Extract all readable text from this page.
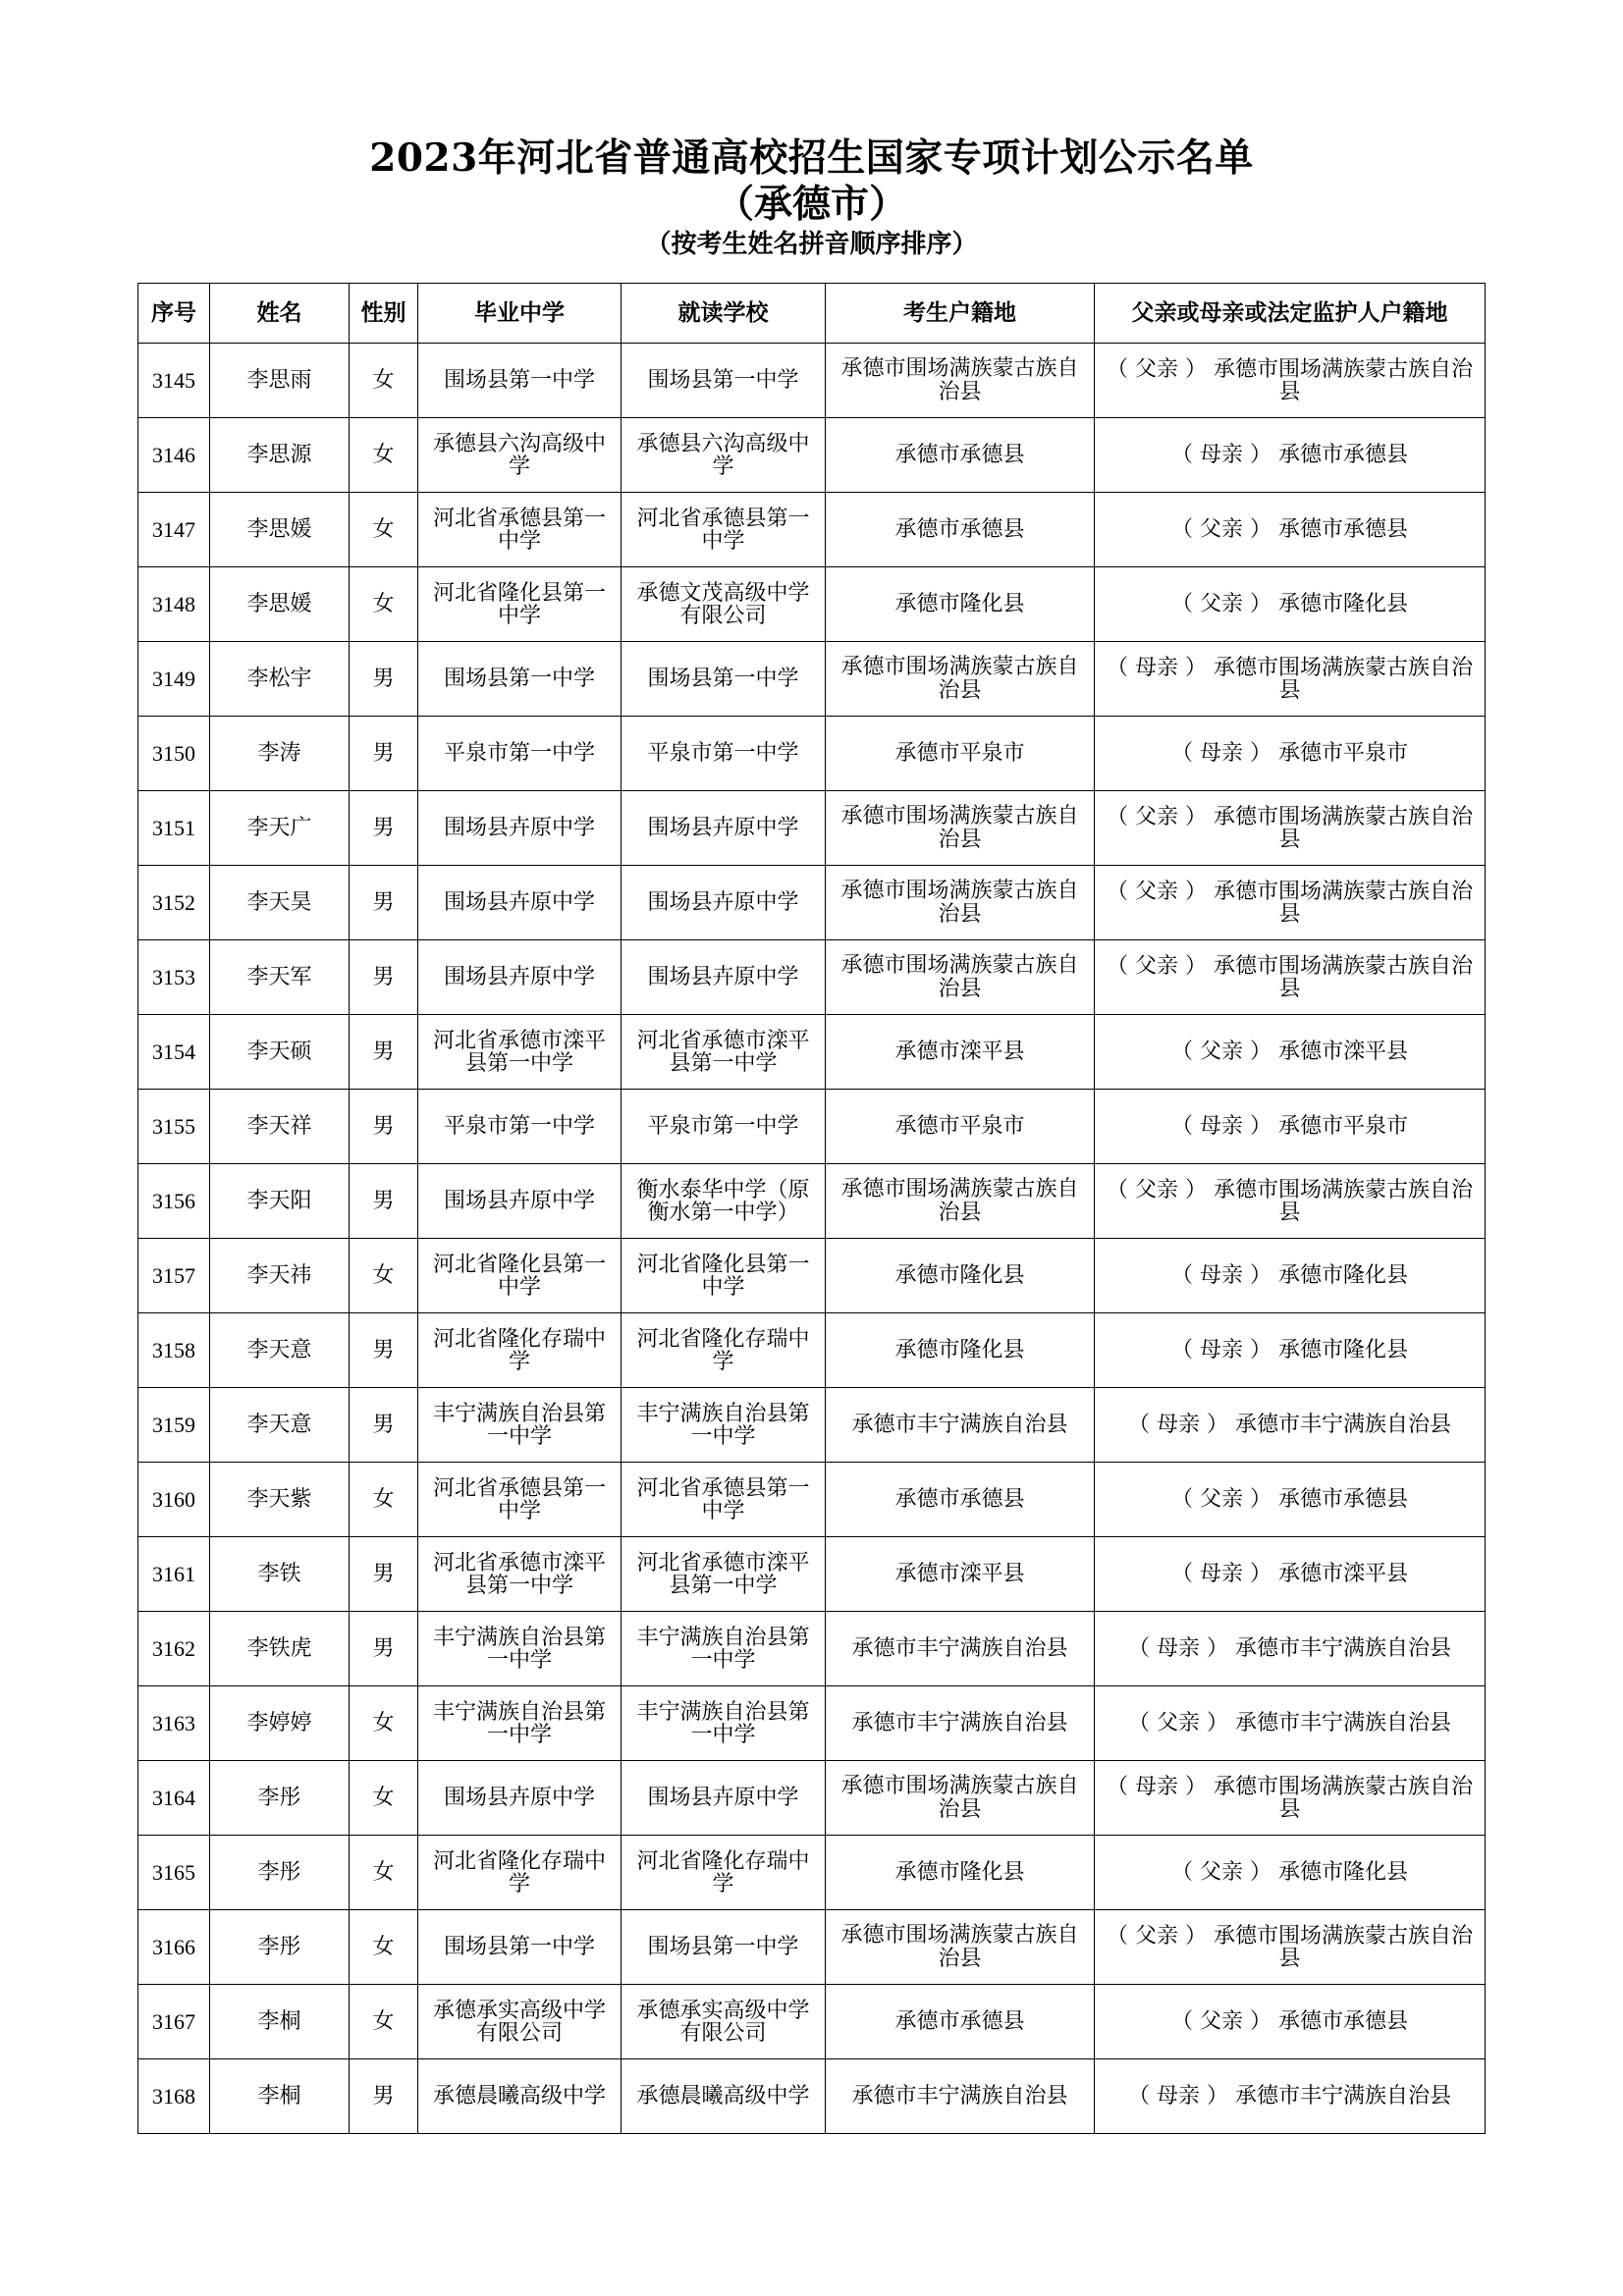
2023年河北省普通高校招生国家专项计划公示名单
（承德市）
（按考生姓名拼音顺序排序）
序号	姓名	性别	毕业中学	就读学校	考生户籍地	父亲或母亲或法定监护人户籍地
3145	李思雨	女	围场县第一中学	围场县第一中学	承德市围场满族蒙古族自治县	（ 父亲 ） 承德市围场满族蒙古族自治县
3146	李思源	女	承德县六沟高级中学	承德县六沟高级中学	承德市承德县	（ 母亲 ） 承德市承德县
3147	李思媛	女	河北省承德县第一中学	河北省承德县第一中学	承德市承德县	（ 父亲 ） 承德市承德县
3148	李思媛	女	河北省隆化县第一中学	承德文茂高级中学有限公司	承德市隆化县	（ 父亲 ） 承德市隆化县
3149	李松宇	男	围场县第一中学	围场县第一中学	承德市围场满族蒙古族自治县	（ 母亲 ） 承德市围场满族蒙古族自治县
3150	李涛	男	平泉市第一中学	平泉市第一中学	承德市平泉市	（ 母亲 ） 承德市平泉市
3151	李天广	男	围场县卉原中学	围场县卉原中学	承德市围场满族蒙古族自治县	（ 父亲 ） 承德市围场满族蒙古族自治县
3152	李天昊	男	围场县卉原中学	围场县卉原中学	承德市围场满族蒙古族自治县	（ 父亲 ） 承德市围场满族蒙古族自治县
3153	李天军	男	围场县卉原中学	围场县卉原中学	承德市围场满族蒙古族自治县	（ 父亲 ） 承德市围场满族蒙古族自治县
3154	李天硕	男	河北省承德市滦平县第一中学	河北省承德市滦平县第一中学	承德市滦平县	（ 父亲 ） 承德市滦平县
3155	李天祥	男	平泉市第一中学	平泉市第一中学	承德市平泉市	（ 母亲 ） 承德市平泉市
3156	李天阳	男	围场县卉原中学	衡水泰华中学（原衡水第一中学）	承德市围场满族蒙古族自治县	（ 父亲 ） 承德市围场满族蒙古族自治县
3157	李天祎	女	河北省隆化县第一中学	河北省隆化县第一中学	承德市隆化县	（ 母亲 ） 承德市隆化县
3158	李天意	男	河北省隆化存瑞中学	河北省隆化存瑞中学	承德市隆化县	（ 母亲 ） 承德市隆化县
3159	李天意	男	丰宁满族自治县第一中学	丰宁满族自治县第一中学	承德市丰宁满族自治县	（ 母亲 ） 承德市丰宁满族自治县
3160	李天紫	女	河北省承德县第一中学	河北省承德县第一中学	承德市承德县	（ 父亲 ） 承德市承德县
3161	李铁	男	河北省承德市滦平县第一中学	河北省承德市滦平县第一中学	承德市滦平县	（ 母亲 ） 承德市滦平县
3162	李铁虎	男	丰宁满族自治县第一中学	丰宁满族自治县第一中学	承德市丰宁满族自治县	（ 母亲 ） 承德市丰宁满族自治县
3163	李婷婷	女	丰宁满族自治县第一中学	丰宁满族自治县第一中学	承德市丰宁满族自治县	（ 父亲 ） 承德市丰宁满族自治县
3164	李彤	女	围场县卉原中学	围场县卉原中学	承德市围场满族蒙古族自治县	（ 母亲 ） 承德市围场满族蒙古族自治县
3165	李彤	女	河北省隆化存瑞中学	河北省隆化存瑞中学	承德市隆化县	（ 父亲 ） 承德市隆化县
3166	李彤	女	围场县第一中学	围场县第一中学	承德市围场满族蒙古族自治县	（ 父亲 ） 承德市围场满族蒙古族自治县
3167	李桐	女	承德承实高级中学有限公司	承德承实高级中学有限公司	承德市承德县	（ 父亲 ） 承德市承德县
3168	李桐	男	承德晨曦高级中学	承德晨曦高级中学	承德市丰宁满族自治县	（ 母亲 ） 承德市丰宁满族自治县
